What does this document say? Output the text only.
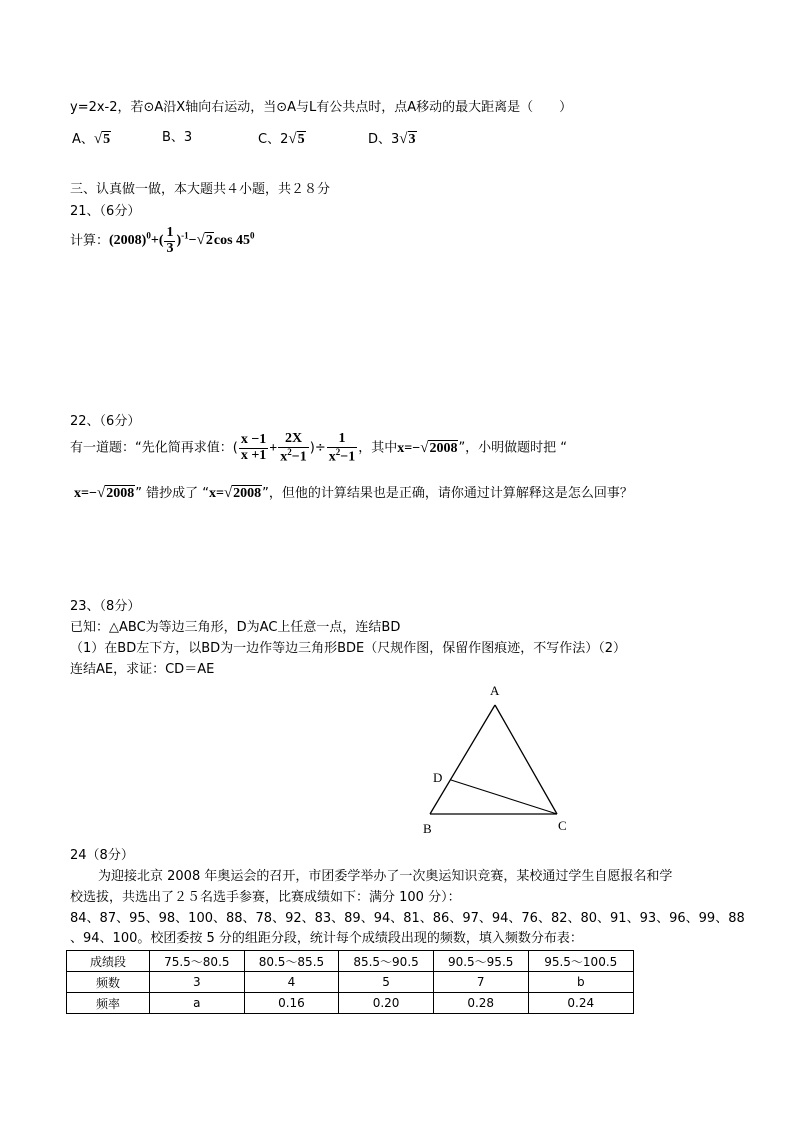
y=2x-2，若⊙A沿X轴向右运动，当⊙A与L有公共点时，点A移动的最大距离是（　　）
A、√5	B、3	C、2√5	D、3√3
三、认真做一做，本大题共４小题，共２８分
21、（6分）
计算：$(2008)^0+( \frac{1}{3} )^{-1}-√2\cos$ $45^0$
22、（6分）
有一道题：“先化简再求值：( $\frac{x -1}{x +1} + \frac{2X}{x^2-1}$ )÷ $\frac{1}{x^2-1}$ ，其中x=−√2008”，小明做题时把 “
x=−√2008” 错抄成了 “x=√2008”，但他的计算结果也是正确，请你通过计算解释这是怎么回事？
23、（8分）
已知：△ABC为等边三角形，D为AC上任意一点，连结BD
（1）在BD左下方，以BD为一边作等边三角形BDE（尺规作图，保留作图痕迹，不写作法）（2）
连结AE，求证：CD＝AE
A
D
B	C
24（8分）
为迎接北京 2008 年奥运会的召开，市团委学举办了一次奥运知识竞赛，某校通过学生自愿报名和学
校选拔，共选出了２５名选手参赛，比赛成绩如下：满分 100 分）：
84、87、95、98、100、88、78、92、83、89、94、81、86、97、94、76、82、80、91、93、96、99、88
、94、100。校团委按 5 分的组距分段，统计每个成绩段出现的频数，填入频数分布表：
成绩段	75.5～80.5	80.5～85.5	85.5～90.5	90.5～95.5	95.5～100.5
频数	3	4	5	7	b
频率	a	0.16	0.20	0.28	0.24
